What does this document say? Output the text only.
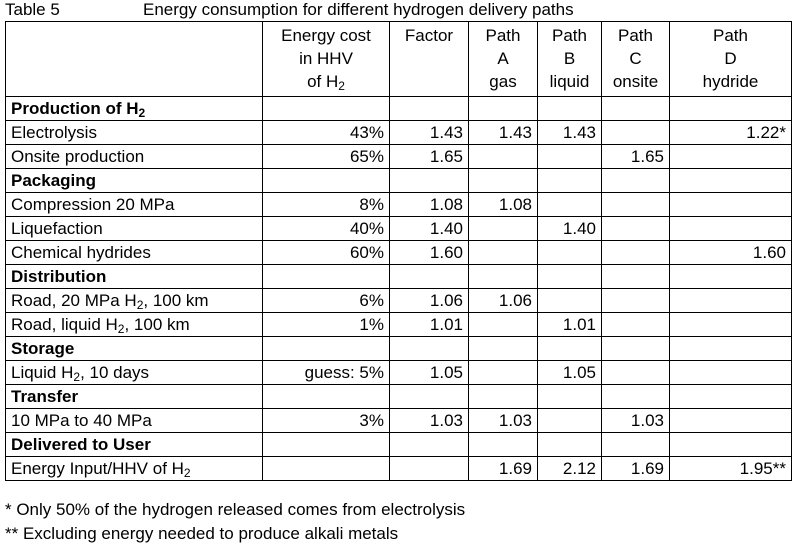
Table 5	Energy consumption for different hydrogen delivery paths
	Energy cost
in HHV
of $H_2$	Factor	Path
A
gas	Path
B
liquid	Path
C
onsite	Path
D
hydride
Production of $H_2$						
Electrolysis	43%	1.43	1.43	1.43		1.22*
Onsite production	65%	1.65			1.65	
Packaging						
Compression 20 MPa	8%	1.08	1.08			
Liquefaction	40%	1.40		1.40		
Chemical hydrides	60%	1.60				1.60
Distribution						
Road, 20 MPa $H_2$, 100 km	6%	1.06	1.06			
Road, liquid $H_2$, 100 km	1%	1.01		1.01		
Storage						
Liquid $H_2$, 10 days	guess: 5%	1.05		1.05		
Transfer						
10 MPa to 40 MPa	3%	1.03	1.03		1.03	
Delivered to User						
Energy Input/HHV of $H_2$			1.69	2.12	1.69	1.95**
* Only 50% of the hydrogen released comes from electrolysis
** Excluding energy needed to produce alkali metals
